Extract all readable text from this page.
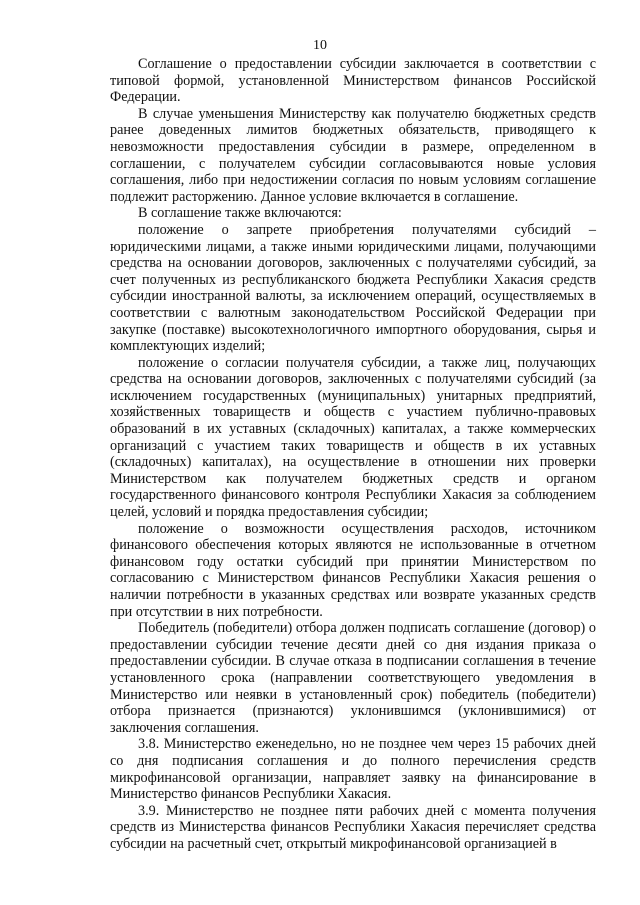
10

Соглашение о предоставлении субсидии заключается в соответствии с типовой формой, установленной Министерством финансов Российской Федерации.

В случае уменьшения Министерству как получателю бюджетных средств ранее доведенных лимитов бюджетных обязательств, приводящего к невозможности предоставления субсидии в размере, определенном в соглашении, с получателем субсидии согласовываются новые условия соглашения, либо при недостижении согласия по новым условиям соглашение подлежит расторжению. Данное условие включается в соглашение.

В соглашение также включаются:

положение о запрете приобретения получателями субсидий – юридическими лицами, а также иными юридическими лицами, получающими средства на основании договоров, заключенных с получателями субсидий, за счет полученных из республиканского бюджета Республики Хакасия средств субсидии иностранной валюты, за исключением операций, осуществляемых в соответствии с валютным законодательством Российской Федерации при закупке (поставке) высокотехнологичного импортного оборудования, сырья и комплектующих изделий;

положение о согласии получателя субсидии, а также лиц, получающих средства на основании договоров, заключенных с получателями субсидий (за исключением государственных (муниципальных) унитарных предприятий, хозяйственных товариществ и обществ с участием публично-правовых образований в их уставных (складочных) капиталах, а также коммерческих организаций с участием таких товариществ и обществ в их уставных (складочных) капиталах), на осуществление в отношении них проверки Министерством как получателем бюджетных средств и органом государственного финансового контроля Республики Хакасия за соблюдением целей, условий и порядка предоставления субсидии;

положение о возможности осуществления расходов, источником финансового обеспечения которых являются не использованные в отчетном финансовом году остатки субсидий при принятии Министерством по согласованию с Министерством финансов Республики Хакасия решения о наличии потребности в указанных средствах или возврате указанных средств при отсутствии в них потребности.

Победитель (победители) отбора должен подписать соглашение (договор) о предоставлении субсидии течение десяти дней со дня издания приказа о предоставлении субсидии. В случае отказа в подписании соглашения в течение установленного срока (направлении соответствующего уведомления в Министерство или неявки в установленный срок) победитель (победители) отбора признается (признаются) уклонившимся (уклонившимися) от заключения соглашения.

3.8. Министерство еженедельно, но не позднее чем через 15 рабочих дней со дня подписания соглашения и до полного перечисления средств микрофинансовой организации, направляет заявку на финансирование в Министерство финансов Республики Хакасия.

3.9. Министерство не позднее пяти рабочих дней с момента получения средств из Министерства финансов Республики Хакасия перечисляет средства субсидии на расчетный счет, открытый микрофинансовой организацией в
